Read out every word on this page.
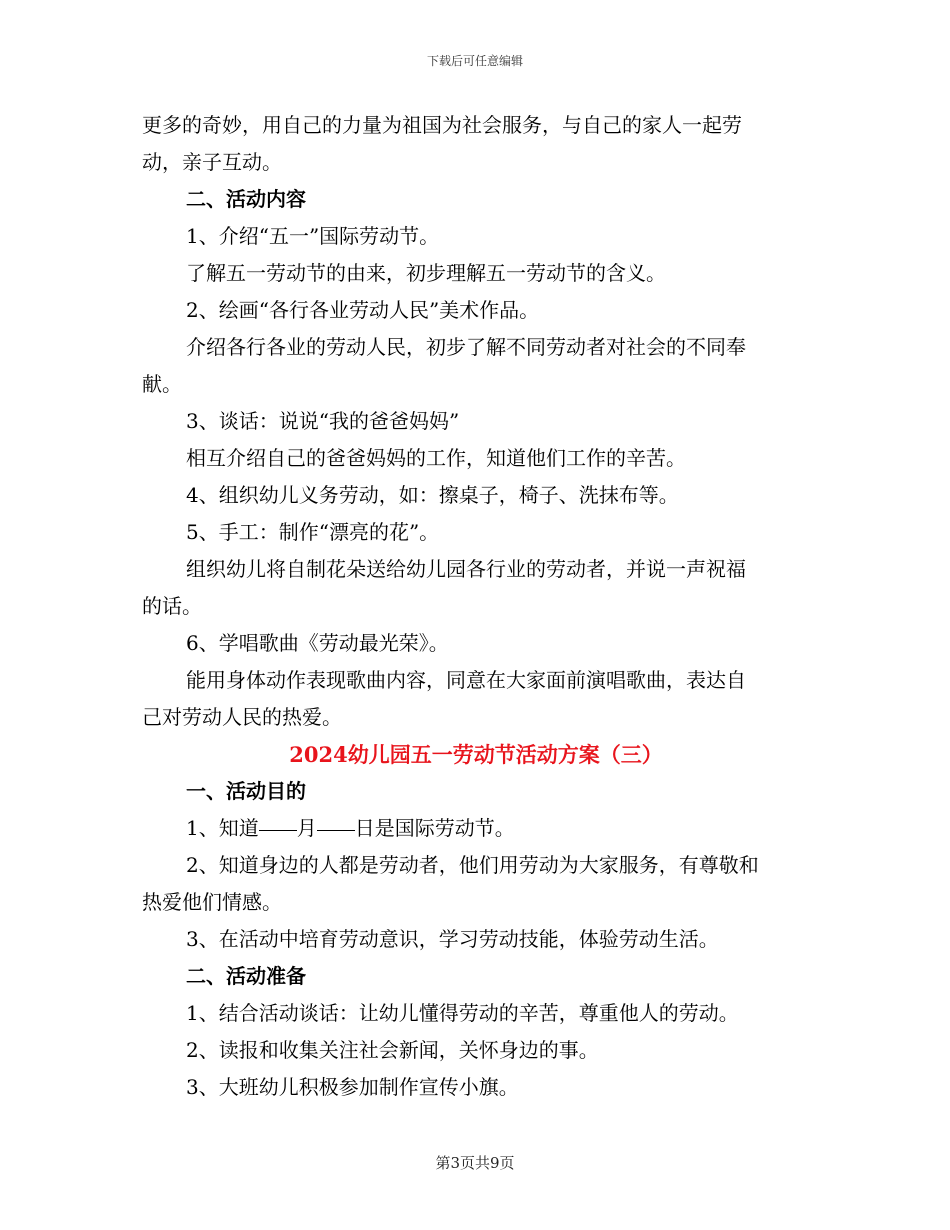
下载后可任意编辑
更多的奇妙，用自己的力量为祖国为社会服务，与自己的家人一起劳
动，亲子互动。
二、活动内容
1、介绍“五一”国际劳动节。
了解五一劳动节的由来，初步理解五一劳动节的含义。
2、绘画“各行各业劳动人民”美术作品。
介绍各行各业的劳动人民，初步了解不同劳动者对社会的不同奉
献。
3、谈话：说说“我的爸爸妈妈”
相互介绍自己的爸爸妈妈的工作，知道他们工作的辛苦。
4、组织幼儿义务劳动，如：擦桌子，椅子、洗抹布等。
5、手工：制作“漂亮的花”。
组织幼儿将自制花朵送给幼儿园各行业的劳动者，并说一声祝福
的话。
6、学唱歌曲《劳动最光荣》。
能用身体动作表现歌曲内容，同意在大家面前演唱歌曲，表达自
己对劳动人民的热爱。
2024幼儿园五一劳动节活动方案（三）
一、活动目的
1、知道 月 日是国际劳动节。
2、知道身边的人都是劳动者，他们用劳动为大家服务，有尊敬和
热爱他们情感。
3、在活动中培育劳动意识，学习劳动技能，体验劳动生活。
二、活动准备
1、结合活动谈话：让幼儿懂得劳动的辛苦，尊重他人的劳动。
2、读报和收集关注社会新闻，关怀身边的事。
3、大班幼儿积极参加制作宣传小旗。
第3页共9页
